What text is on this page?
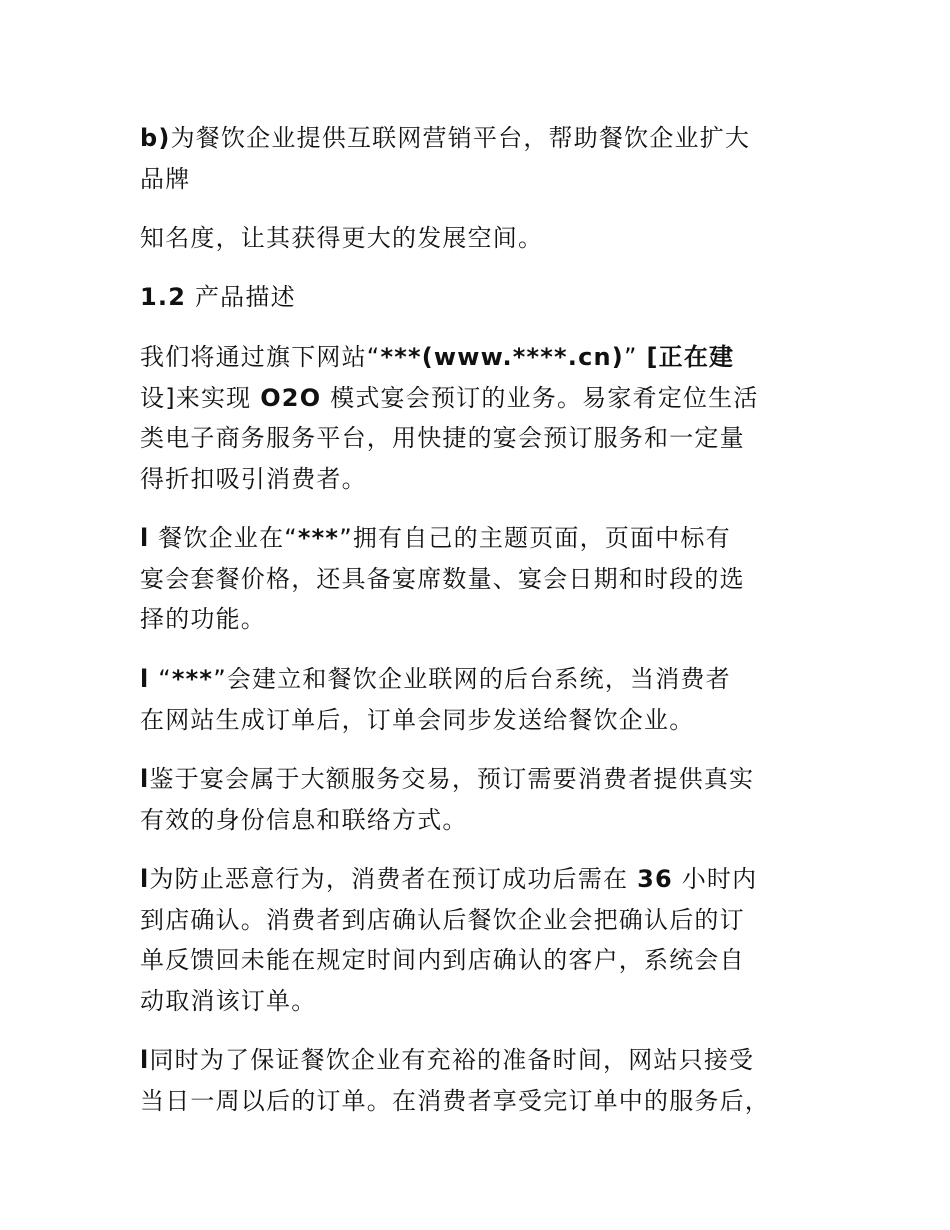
b)为餐饮企业提供互联网营销平台，帮助餐饮企业扩大
品牌

知名度，让其获得更大的发展空间。

1.2 产品描述

我们将通过旗下网站“***(www.****.cn)” [正在建
设]来实现 O2O 模式宴会预订的业务。易家肴定位生活
类电子商务服务平台，用快捷的宴会预订服务和一定量
得折扣吸引消费者。

l 餐饮企业在“***”拥有自己的主题页面，页面中标有
宴会套餐价格，还具备宴席数量、宴会日期和时段的选
择的功能。

l “***”会建立和餐饮企业联网的后台系统，当消费者
在网站生成订单后，订单会同步发送给餐饮企业。

l鉴于宴会属于大额服务交易，预订需要消费者提供真实
有效的身份信息和联络方式。

l为防止恶意行为，消费者在预订成功后需在 36 小时内
到店确认。消费者到店确认后餐饮企业会把确认后的订
单反馈回未能在规定时间内到店确认的客户，系统会自
动取消该订单。

l同时为了保证餐饮企业有充裕的准备时间，网站只接受
当日一周以后的订单。在消费者享受完订单中的服务后，
